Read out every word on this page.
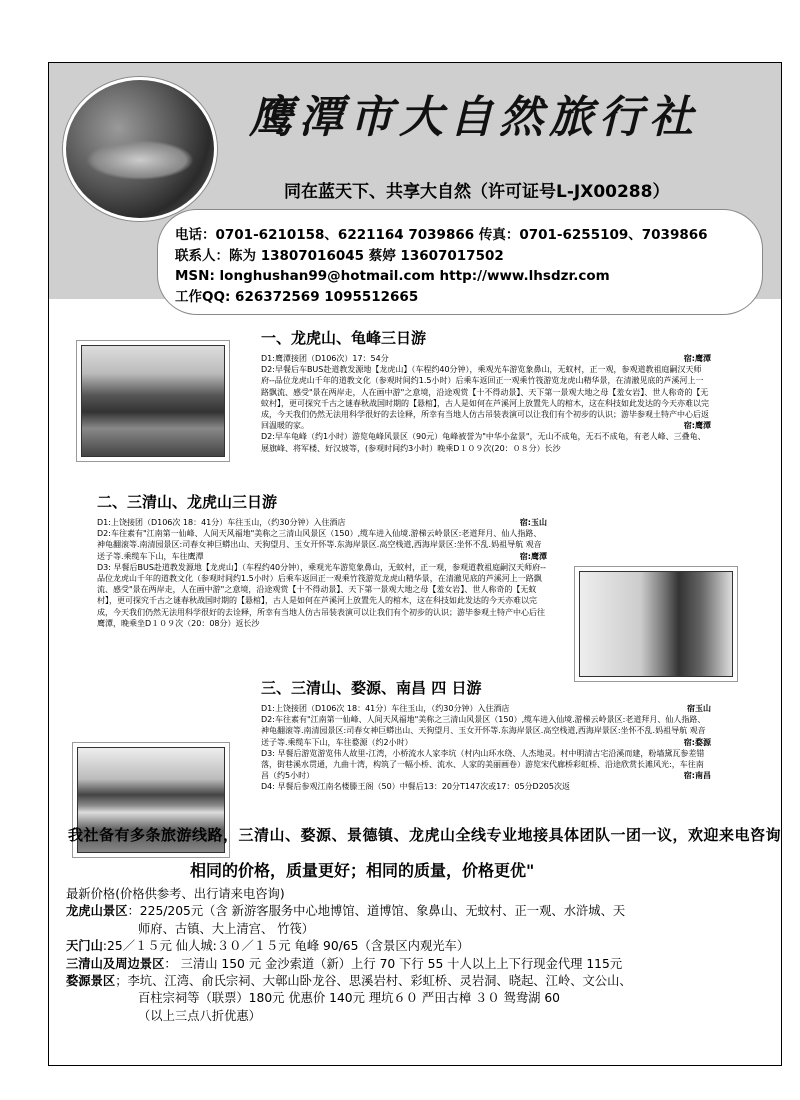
鹰潭市大自然旅行社
同在蓝天下、共享大自然（许可证号L-JX00288）
电话：0701-6210158、6221164 7039866 传真：0701-6255109、7039866
联系人：陈为 13807016045 蔡婷 13607017502
MSN: longhushan99@hotmail.com http://www.lhsdzr.com
工作QQ: 626372569 1095512665
一、龙虎山、龟峰三日游

宿:鹰潭
D1:鹰潭接团（D106次）17：54分

D2:早餐后车BUS赴道教发源地【龙虎山】（车程约40分钟），乘观光车游览象鼻山，无蚊村，正一观，参观道教祖庭嗣汉天师府--品位龙虎山千年的道教文化（参观时间约1.5小时）后乘车返回正一观乘竹筏游览龙虎山精华景，在清澈见底的芦溪河上一路飘流、感受"景在两岸走，人在画中游"之意境，沿途观赏【十不得动景】、天下第一景观大地之母【羞女岩】、世人称奇的【无蚊村】，更可探究千古之谜春秋战国时期的【悬棺】，古人是如何在芦溪河上放置先人的棺木，这在科技如此发达的今天亦难以完成，今天我们仍然无法用科学很好的去诠释，所幸有当地人仿古吊装表演可以让我们有个初步的认识；游毕参观土特产中心后返回温暖的家。	宿:鹰潭

D2:早车龟峰（约1小时）游览龟峰风景区（90元）龟峰被誉为"中华小盆景"，无山不成龟，无石不成龟，有老人峰、三叠龟、展旗峰、将军楼、好汉坡等，(参观时间约3小时）晚乘D１０９次(20：０８分）长沙

二、三清山、龙虎山三日游

宿:玉山
D1:上饶接团（D106次 18：41分）车往玉山，（约30分钟）入住酒店

D2:车往素有"江南第一仙峰、人间天风福地"美称之三清山风景区（150）,缆车进入仙境.游梯云岭景区:老道拜月、仙人指路、神龟翻滚等.南清园景区:司春女神巨蟒出山、天狗望月、玉女开怀等.东海岸景区.高空栈道,西海岸景区:坐怀不乱.妈祖导航 观音送子等.乘缆车下山，车往鹰潭	宿:鹰潭

D3: 早餐后BUS赴道教发源地【龙虎山】（车程约40分钟），乘观光车游览象鼻山，无蚊村，正一观，参观道教祖庭嗣汉天师府--品位龙虎山千年的道教文化（参观时间约1.5小时）后乘车返回正一观乘竹筏游览龙虎山精华景，在清澈见底的芦溪河上一路飘流、感受"景在两岸走，人在画中游"之意境，沿途观赏【十不得动景】、天下第一景观大地之母【羞女岩】、世人称奇的【无蚊村】，更可探究千古之谜春秋战国时期的【悬棺】，古人是如何在芦溪河上放置先人的棺木，这在科技如此发达的今天亦难以完成，今天我们仍然无法用科学很好的去诠释，所幸有当地人仿古吊装表演可以让我们有个初步的认识；游毕参观土特产中心后往鹰潭，晚乘坐D１０９次（20：08分）返长沙

三、三清山、婺源、南昌 四 日游

宿玉山
D1:上饶接团（D106次 18：41分）车往玉山，（约30分钟）入住酒店

D2:车往素有"江南第一仙峰、人间天风福地"美称之三清山风景区（150）,缆车进入仙境.游梯云岭景区:老道拜月、仙人指路、神龟翻滚等.南清园景区:司春女神巨蟒出山、天狗望月、玉女开怀等.东海岸景区.高空栈道,西海岸景区:坐怀不乱.妈祖导航 观音送子等.乘缆车下山，车往婺源（约2小时）	宿:婺源

D3: 早餐后游览游览伟人故里-江湾，小桥流水人家李坑（村内山环水绕、人杰地灵。村中明清古宅沿溪而建，粉墙黛瓦参差错落，街巷溪水贯通，九曲十湾，构筑了一幅小桥、流水、人家的美丽画卷）游览宋代廊桥彩虹桥、沿途欣赏长滩风光:，车往南昌（约5小时）	宿:南昌

D4: 早餐后参观江南名楼滕王阁（50）中餐后13：20分T147次或17：05分D205次返

我社备有多条旅游线路，三清山、婺源、景德镇、龙虎山全线专业地接具体团队一团一议，欢迎来电咨询
相同的价格，质量更好；相同的质量，价格更优"
最新价格(价格供参考、出行请来电咨询)
龙虎山景区：225/205元（含 新游客服务中心地博馆、道博馆、象鼻山、无蚊村、正一观、水浒城、天
师府、古镇、大上清宫、 竹筏）
天门山:25／１５元 仙人城:３０／１５元 龟峰 90/65（含景区内观光车）
三清山及周边景区： 三清山 150 元 金沙索道（新）上行 70 下行 55 十人以上上下行现金代理 115元
婺源景区；李坑、江湾、俞氏宗祠、大鄣山卧龙谷、思溪岩村、彩虹桥、灵岩洞、晓起、江岭、文公山、
百柱宗祠等（联票）180元 优惠价 140元 理坑６０ 严田古樟 ３０ 鸳鸯湖 60
（以上三点八折优惠）
